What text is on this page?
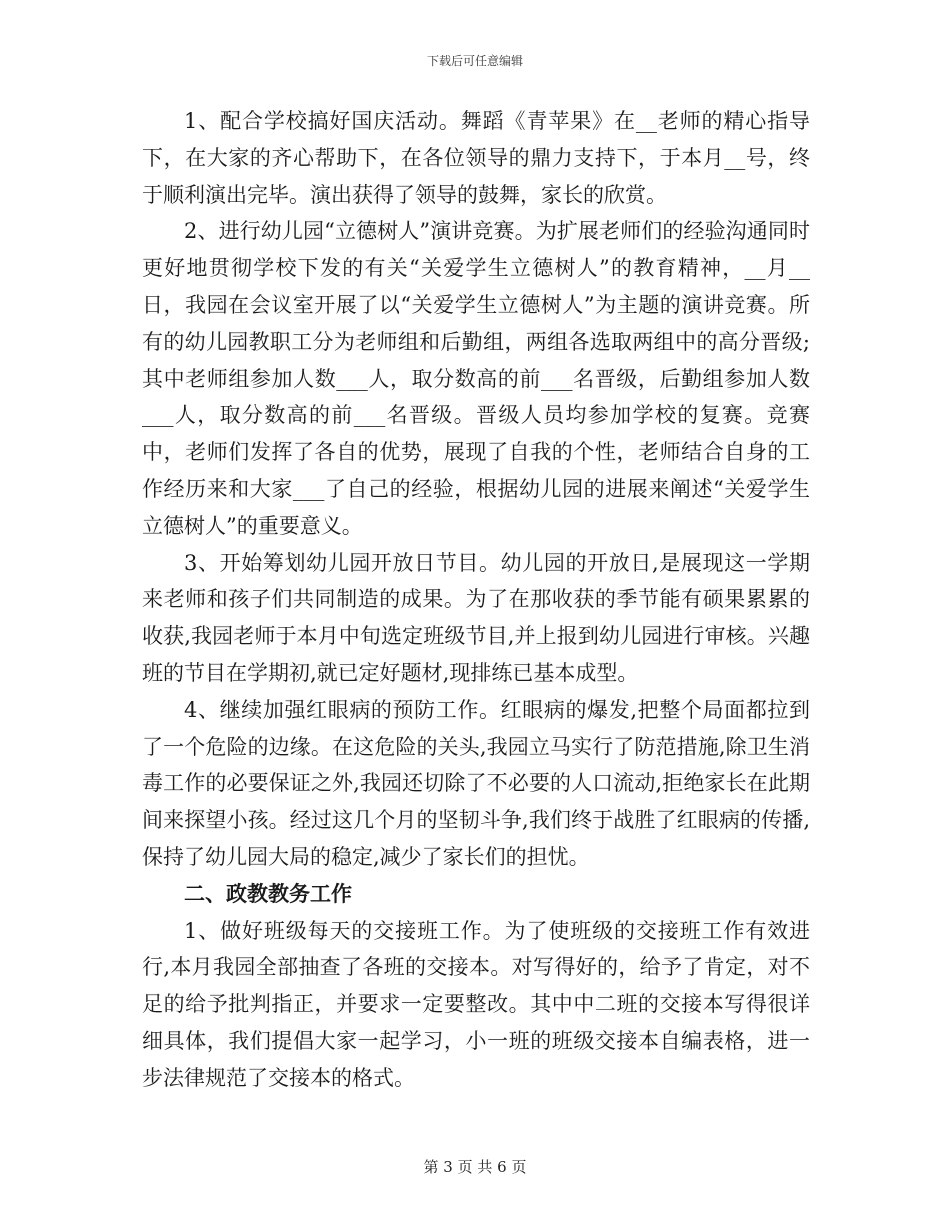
下载后可任意编辑

1、配合学校搞好国庆活动。舞蹈《青苹果》在__老师的精心指导下，在大家的齐心帮助下，在各位领导的鼎力支持下，于本月__号，终于顺利演出完毕。演出获得了领导的鼓舞，家长的欣赏。

2、进行幼儿园“立德树人”演讲竞赛。为扩展老师们的经验沟通同时更好地贯彻学校下发的有关“关爱学生立德树人”的教育精神，__月__日，我园在会议室开展了以“关爱学生立德树人”为主题的演讲竞赛。所有的幼儿园教职工分为老师组和后勤组，两组各选取两组中的高分晋级;其中老师组参加人数___人，取分数高的前___名晋级，后勤组参加人数___人，取分数高的前___名晋级。晋级人员均参加学校的复赛。竞赛中，老师们发挥了各自的优势，展现了自我的个性，老师结合自身的工作经历来和大家___了自己的经验，根据幼儿园的进展来阐述“关爱学生立德树人”的重要意义。

3、开始筹划幼儿园开放日节目。幼儿园的开放日,是展现这一学期来老师和孩子们共同制造的成果。为了在那收获的季节能有硕果累累的收获,我园老师于本月中旬选定班级节目,并上报到幼儿园进行审核。兴趣班的节目在学期初,就已定好题材,现排练已基本成型。

4、继续加强红眼病的预防工作。红眼病的爆发,把整个局面都拉到了一个危险的边缘。在这危险的关头,我园立马实行了防范措施,除卫生消毒工作的必要保证之外,我园还切除了不必要的人口流动,拒绝家长在此期间来探望小孩。经过这几个月的坚韧斗争,我们终于战胜了红眼病的传播,保持了幼儿园大局的稳定,减少了家长们的担忧。

二、政教教务工作

1、做好班级每天的交接班工作。为了使班级的交接班工作有效进行,本月我园全部抽查了各班的交接本。对写得好的，给予了肯定，对不足的给予批判指正，并要求一定要整改。其中中二班的交接本写得很详细具体，我们提倡大家一起学习，小一班的班级交接本自编表格，进一步法律规范了交接本的格式。

第 3 页 共 6 页
